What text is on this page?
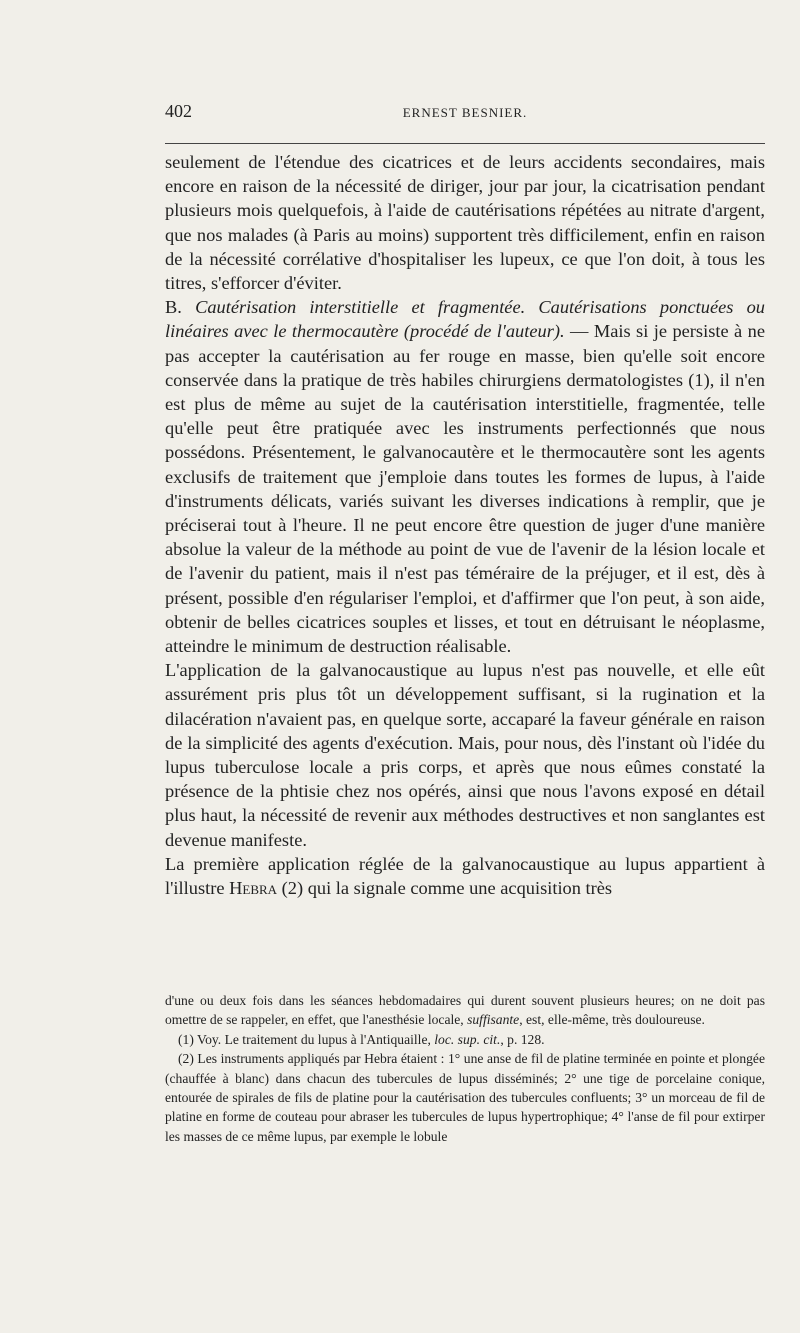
402	ERNEST BESNIER.

seulement de l'étendue des cicatrices et de leurs accidents secondaires, mais encore en raison de la nécessité de diriger, jour par jour, la cicatrisation pendant plusieurs mois quelquefois, à l'aide de cautérisations répétées au nitrate d'argent, que nos malades (à Paris au moins) supportent très difficilement, enfin en raison de la nécessité corrélative d'hospitaliser les lupeux, ce que l'on doit, à tous les titres, s'efforcer d'éviter.

B. Cautérisation interstitielle et fragmentée. Cautérisations ponctuées ou linéaires avec le thermocautère (procédé de l'auteur). — Mais si je persiste à ne pas accepter la cautérisation au fer rouge en masse, bien qu'elle soit encore conservée dans la pratique de très habiles chirurgiens dermatologistes (1), il n'en est plus de même au sujet de la cautérisation interstitielle, fragmentée, telle qu'elle peut être pratiquée avec les instruments perfectionnés que nous possédons. Présentement, le galvanocautère et le thermocautère sont les agents exclusifs de traitement que j'emploie dans toutes les formes de lupus, à l'aide d'instruments délicats, variés suivant les diverses indications à remplir, que je préciserai tout à l'heure. Il ne peut encore être question de juger d'une manière absolue la valeur de la méthode au point de vue de l'avenir de la lésion locale et de l'avenir du patient, mais il n'est pas téméraire de la préjuger, et il est, dès à présent, possible d'en régulariser l'emploi, et d'affirmer que l'on peut, à son aide, obtenir de belles cicatrices souples et lisses, et tout en détruisant le néoplasme, atteindre le minimum de destruction réalisable.

L'application de la galvanocaustique au lupus n'est pas nouvelle, et elle eût assurément pris plus tôt un développement suffisant, si la rugination et la dilacération n'avaient pas, en quelque sorte, accaparé la faveur générale en raison de la simplicité des agents d'exécution. Mais, pour nous, dès l'instant où l'idée du lupus tuberculose locale a pris corps, et après que nous eûmes constaté la présence de la phtisie chez nos opérés, ainsi que nous l'avons exposé en détail plus haut, la nécessité de revenir aux méthodes destructives et non sanglantes est devenue manifeste.

La première application réglée de la galvanocaustique au lupus appartient à l'illustre Hebra (2) qui la signale comme une acquisition très

d'une ou deux fois dans les séances hebdomadaires qui durent souvent plusieurs heures; on ne doit pas omettre de se rappeler, en effet, que l'anesthésie locale, suffisante, est, elle-même, très douloureuse.

(1) Voy. Le traitement du lupus à l'Antiquaille, loc. sup. cit., p. 128.

(2) Les instruments appliqués par Hebra étaient : 1° une anse de fil de platine terminée en pointe et plongée (chauffée à blanc) dans chacun des tubercules de lupus disséminés; 2° une tige de porcelaine conique, entourée de spirales de fils de platine pour la cautérisation des tubercules confluents; 3° un morceau de fil de platine en forme de couteau pour abraser les tubercules de lupus hypertrophique; 4° l'anse de fil pour extirper les masses de ce même lupus, par exemple le lobule
